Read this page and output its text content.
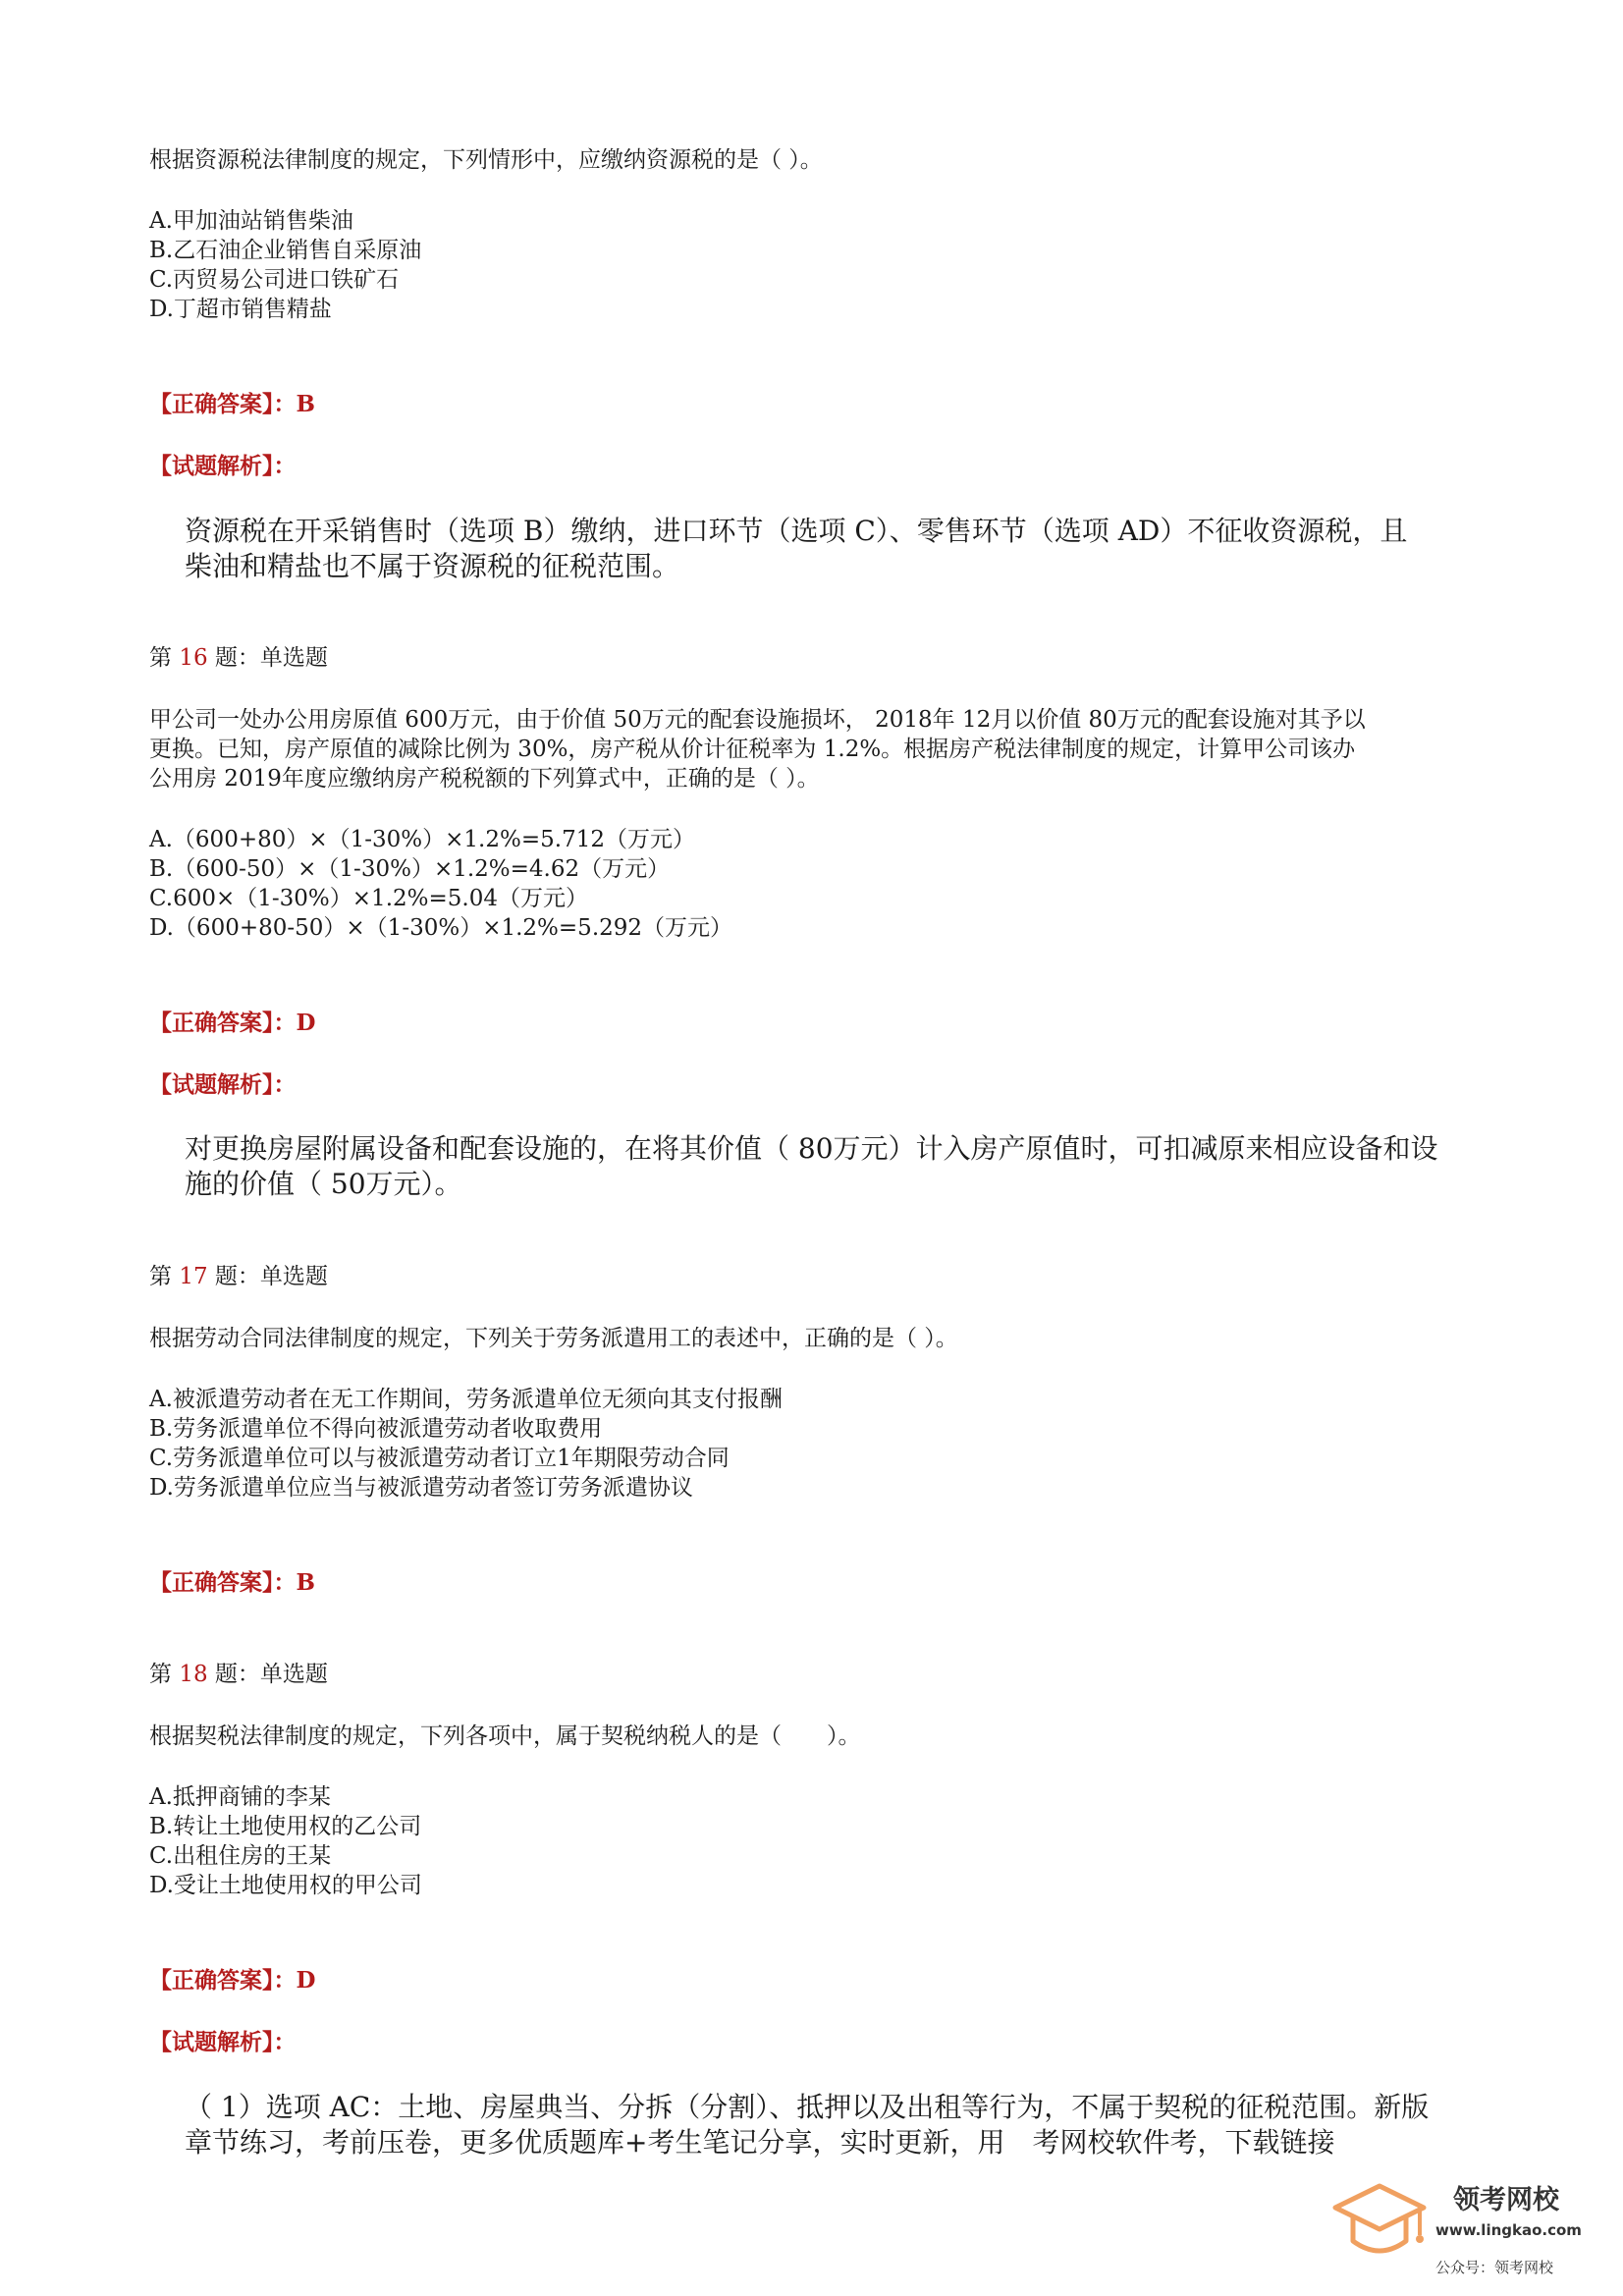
根据资源税法律制度的规定，下列情形中，应缴纳资源税的是（ ）。
A.甲加油站销售柴油
B.乙石油企业销售自采原油
C.丙贸易公司进口铁矿石
D.丁超市销售精盐
【正确答案】：B
【试题解析】：
资源税在开采销售时（选项 B）缴纳，进口环节（选项 C）、零售环节（选项 AD）不征收资源税，且
柴油和精盐也不属于资源税的征税范围。
第 16 题：单选题
甲公司一处办公用房原值 600万元，由于价值 50万元的配套设施损坏， 2018年 12月以价值 80万元的配套设施对其予以
更换。已知，房产原值的减除比例为 30%，房产税从价计征税率为 1.2%。根据房产税法律制度的规定，计算甲公司该办
公用房 2019年度应缴纳房产税税额的下列算式中，正确的是（ ）。
A.（600+80）×（1-30%）×1.2%=5.712（万元）
B.（600-50）×（1-30%）×1.2%=4.62（万元）
C.600×（1-30%）×1.2%=5.04（万元）
D.（600+80-50）×（1-30%）×1.2%=5.292（万元）
【正确答案】：D
【试题解析】：
对更换房屋附属设备和配套设施的，在将其价值（ 80万元）计入房产原值时，可扣减原来相应设备和设
施的价值（ 50万元）。
第 17 题：单选题
根据劳动合同法律制度的规定，下列关于劳务派遣用工的表述中，正确的是（ ）。
A.被派遣劳动者在无工作期间，劳务派遣单位无须向其支付报酬
B.劳务派遣单位不得向被派遣劳动者收取费用
C.劳务派遣单位可以与被派遣劳动者订立1年期限劳动合同
D.劳务派遣单位应当与被派遣劳动者签订劳务派遣协议
【正确答案】：B
第 18 题：单选题
根据契税法律制度的规定，下列各项中，属于契税纳税人的是（　　）。
A.抵押商铺的李某
B.转让土地使用权的乙公司
C.出租住房的王某
D.受让土地使用权的甲公司
【正确答案】：D
【试题解析】：
（ 1）选项 AC：土地、房屋典当、分拆（分割）、抵押以及出租等行为，不属于契税的征税范围。新版
章节练习，考前压卷，更多优质题库+考生笔记分享，实时更新，用　考网校软件考，下载链接
领考网校
www.lingkao.com
公众号：领考网校
